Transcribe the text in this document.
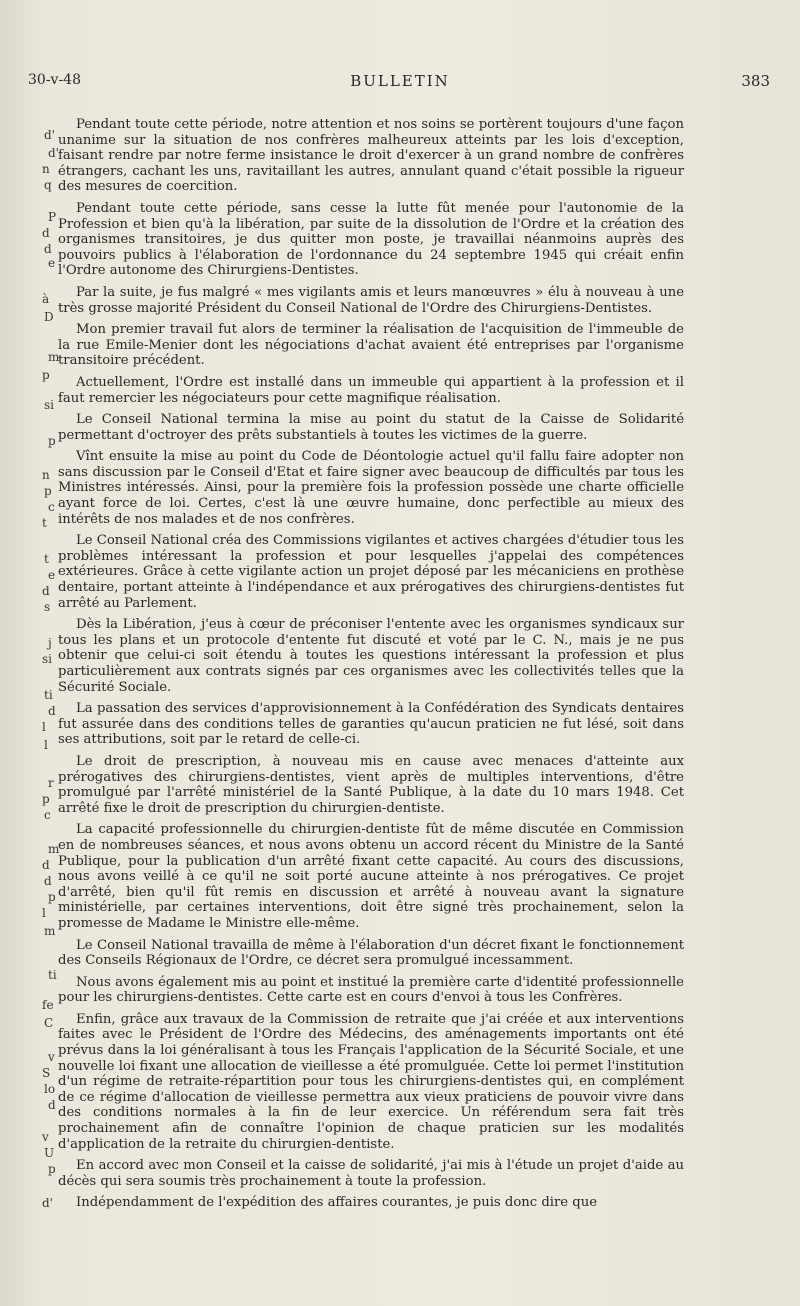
30-v-48	BULLETIN	383
d'
d'
n
q
P
d
d
e
à
D
m
p
si
p
n
p
c
t
t
e
d
s
j
si
ti
d
l
l
r
p
c
m
d
d
p
l
m
ti
fe
C
v
S
lo
d
v
U
p
d'

Pendant toute cette période, notre attention et nos soins se portèrent toujours d'une façon unanime sur la situation de nos confrères malheureux atteints par les lois d'exception, faisant rendre par notre ferme insistance le droit d'exercer à un grand nombre de confrères étrangers, cachant les uns, ravitaillant les autres, annulant quand c'était possible la rigueur des mesures de coercition.

Pendant toute cette période, sans cesse la lutte fût menée pour l'autonomie de la Profession et bien qu'à la libération, par suite de la dissolution de l'Ordre et la création des organismes transitoires, je dus quitter mon poste, je travaillai néanmoins auprès des pouvoirs publics à l'élaboration de l'ordonnance du 24 septembre 1945 qui créait enfin l'Ordre autonome des Chirurgiens-Dentistes.

Par la suite, je fus malgré « mes vigilants amis et leurs manœuvres » élu à nouveau à une très grosse majorité Président du Conseil National de l'Ordre des Chirurgiens-Dentistes.

Mon premier travail fut alors de terminer la réalisation de l'acquisition de l'immeuble de la rue Emile-Menier dont les négociations d'achat avaient été entreprises par l'organisme transitoire précédent.

Actuellement, l'Ordre est installé dans un immeuble qui appartient à la profession et il faut remercier les négociateurs pour cette magnifique réalisation.

Le Conseil National termina la mise au point du statut de la Caisse de Solidarité permettant d'octroyer des prêts substantiels à toutes les victimes de la guerre.

Vînt ensuite la mise au point du Code de Déontologie actuel qu'il fallu faire adopter non sans discussion par le Conseil d'Etat et faire signer avec beaucoup de difficultés par tous les Ministres intéressés. Ainsi, pour la première fois la profession possède une charte officielle ayant force de loi. Certes, c'est là une œuvre humaine, donc perfectible au mieux des intérêts de nos malades et de nos confrères.

Le Conseil National créa des Commissions vigilantes et actives chargées d'étudier tous les problèmes intéressant la profession et pour lesquelles j'appelai des compétences extérieures. Grâce à cette vigilante action un projet déposé par les mécaniciens en prothèse dentaire, portant atteinte à l'indépendance et aux prérogatives des chirurgiens-dentistes fut arrêté au Parlement.

Dès la Libération, j'eus à cœur de préconiser l'entente avec les organismes syndicaux sur tous les plans et un protocole d'entente fut discuté et voté par le C. N., mais je ne pus obtenir que celui-ci soit étendu à toutes les questions intéressant la profession et plus particulièrement aux contrats signés par ces organismes avec les collectivités telles que la Sécurité Sociale.

La passation des services d'approvisionnement à la Confédération des Syndicats dentaires fut assurée dans des conditions telles de garanties qu'aucun praticien ne fut lésé, soit dans ses attributions, soit par le retard de celle-ci.

Le droit de prescription, à nouveau mis en cause avec menaces d'atteinte aux prérogatives des chirurgiens-dentistes, vient après de multiples interventions, d'être promulgué par l'arrêté ministériel de la Santé Publique, à la date du 10 mars 1948. Cet arrêté fixe le droit de prescription du chirurgien-dentiste.

La capacité professionnelle du chirurgien-dentiste fût de même discutée en Commission en de nombreuses séances, et nous avons obtenu un accord récent du Ministre de la Santé Publique, pour la publication d'un arrêté fixant cette capacité. Au cours des discussions, nous avons veillé à ce qu'il ne soit porté aucune atteinte à nos prérogatives. Ce projet d'arrêté, bien qu'il fût remis en discussion et arrêté à nouveau avant la signature ministérielle, par certaines interventions, doit être signé très prochainement, selon la promesse de Madame le Ministre elle-même.

Le Conseil National travailla de même à l'élaboration d'un décret fixant le fonctionnement des Conseils Régionaux de l'Ordre, ce décret sera promulgué incessamment.

Nous avons également mis au point et institué la première carte d'identité professionnelle pour les chirurgiens-dentistes. Cette carte est en cours d'envoi à tous les Confrères.

Enfin, grâce aux travaux de la Commission de retraite que j'ai créée et aux interventions faites avec le Président de l'Ordre des Médecins, des aménagements importants ont été prévus dans la loi généralisant à tous les Français l'application de la Sécurité Sociale, et une nouvelle loi fixant une allocation de vieillesse a été promulguée. Cette loi permet l'institution d'un régime de retraite-répartition pour tous les chirurgiens-dentistes qui, en complément de ce régime d'allocation de vieillesse permettra aux vieux praticiens de pouvoir vivre dans des conditions normales à la fin de leur exercice. Un référendum sera fait très prochainement afin de connaître l'opinion de chaque praticien sur les modalités d'application de la retraite du chirurgien-dentiste.

En accord avec mon Conseil et la caisse de solidarité, j'ai mis à l'étude un projet d'aide au décès qui sera soumis très prochainement à toute la profession.

Indépendamment de l'expédition des affaires courantes, je puis donc dire que
